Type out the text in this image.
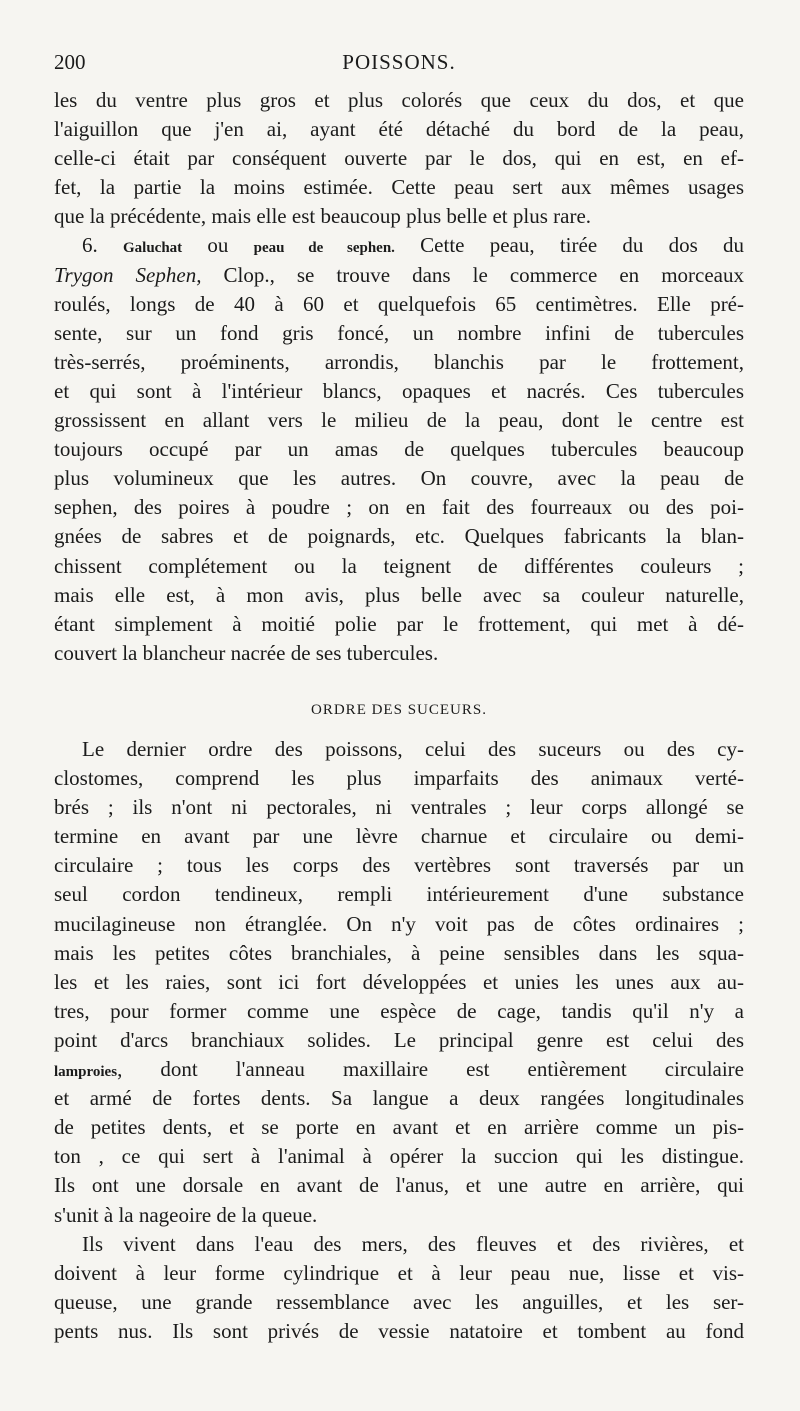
200	POISSONS.
les du ventre plus gros et plus colorés que ceux du dos, et que
l'aiguillon que j'en ai, ayant été détaché du bord de la peau,
celle-ci était par conséquent ouverte par le dos, qui en est, en ef-
fet, la partie la moins estimée. Cette peau sert aux mêmes usages
que la précédente, mais elle est beaucoup plus belle et plus rare.
6. Galuchat ou peau de sephen. Cette peau, tirée du dos du
Trygon Sephen, Clop., se trouve dans le commerce en morceaux
roulés, longs de 40 à 60 et quelquefois 65 centimètres. Elle pré-
sente, sur un fond gris foncé, un nombre infini de tubercules
très-serrés, proéminents, arrondis, blanchis par le frottement,
et qui sont à l'intérieur blancs, opaques et nacrés. Ces tubercules
grossissent en allant vers le milieu de la peau, dont le centre est
toujours occupé par un amas de quelques tubercules beaucoup
plus volumineux que les autres. On couvre, avec la peau de
sephen, des poires à poudre ; on en fait des fourreaux ou des poi-
gnées de sabres et de poignards, etc. Quelques fabricants la blan-
chissent complétement ou la teignent de différentes couleurs ;
mais elle est, à mon avis, plus belle avec sa couleur naturelle,
étant simplement à moitié polie par le frottement, qui met à dé-
couvert la blancheur nacrée de ses tubercules.
ORDRE DES SUCEURS.
Le dernier ordre des poissons, celui des suceurs ou des cy-
clostomes, comprend les plus imparfaits des animaux verté-
brés ; ils n'ont ni pectorales, ni ventrales ; leur corps allongé se
termine en avant par une lèvre charnue et circulaire ou demi-
circulaire ; tous les corps des vertèbres sont traversés par un
seul cordon tendineux, rempli intérieurement d'une substance
mucilagineuse non étranglée. On n'y voit pas de côtes ordinaires ;
mais les petites côtes branchiales, à peine sensibles dans les squa-
les et les raies, sont ici fort développées et unies les unes aux au-
tres, pour former comme une espèce de cage, tandis qu'il n'y a
point d'arcs branchiaux solides. Le principal genre est celui des
lamproies, dont l'anneau maxillaire est entièrement circulaire
et armé de fortes dents. Sa langue a deux rangées longitudinales
de petites dents, et se porte en avant et en arrière comme un pis-
ton , ce qui sert à l'animal à opérer la succion qui les distingue.
Ils ont une dorsale en avant de l'anus, et une autre en arrière, qui
s'unit à la nageoire de la queue.
Ils vivent dans l'eau des mers, des fleuves et des rivières, et
doivent à leur forme cylindrique et à leur peau nue, lisse et vis-
queuse, une grande ressemblance avec les anguilles, et les ser-
pents nus. Ils sont privés de vessie natatoire et tombent au fond
